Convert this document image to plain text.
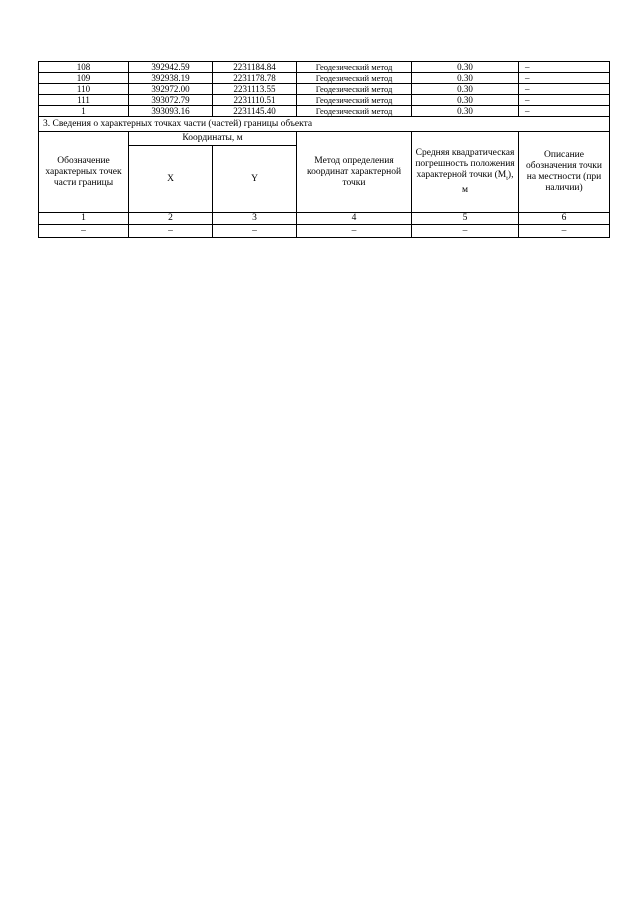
108	392942.59	2231184.84	Геодезический метод	0.30	–
109	392938.19	2231178.78	Геодезический метод	0.30	–
110	392972.00	2231113.55	Геодезический метод	0.30	–
111	393072.79	2231110.51	Геодезический метод	0.30	–
1	393093.16	2231145.40	Геодезический метод	0.30	–
3. Сведения о характерных точках части (частей) границы объекта					
Обозначение характерных точек части границы	Координаты, м		Метод определения координат характерной точки	Средняя квадратическая погрешность положения характерной точки $(M_t)$, м	Описание обозначения точки на местности (при наличии)
	X	Y			

1	2	3	4	5	6
–	–	–	–	–	–
